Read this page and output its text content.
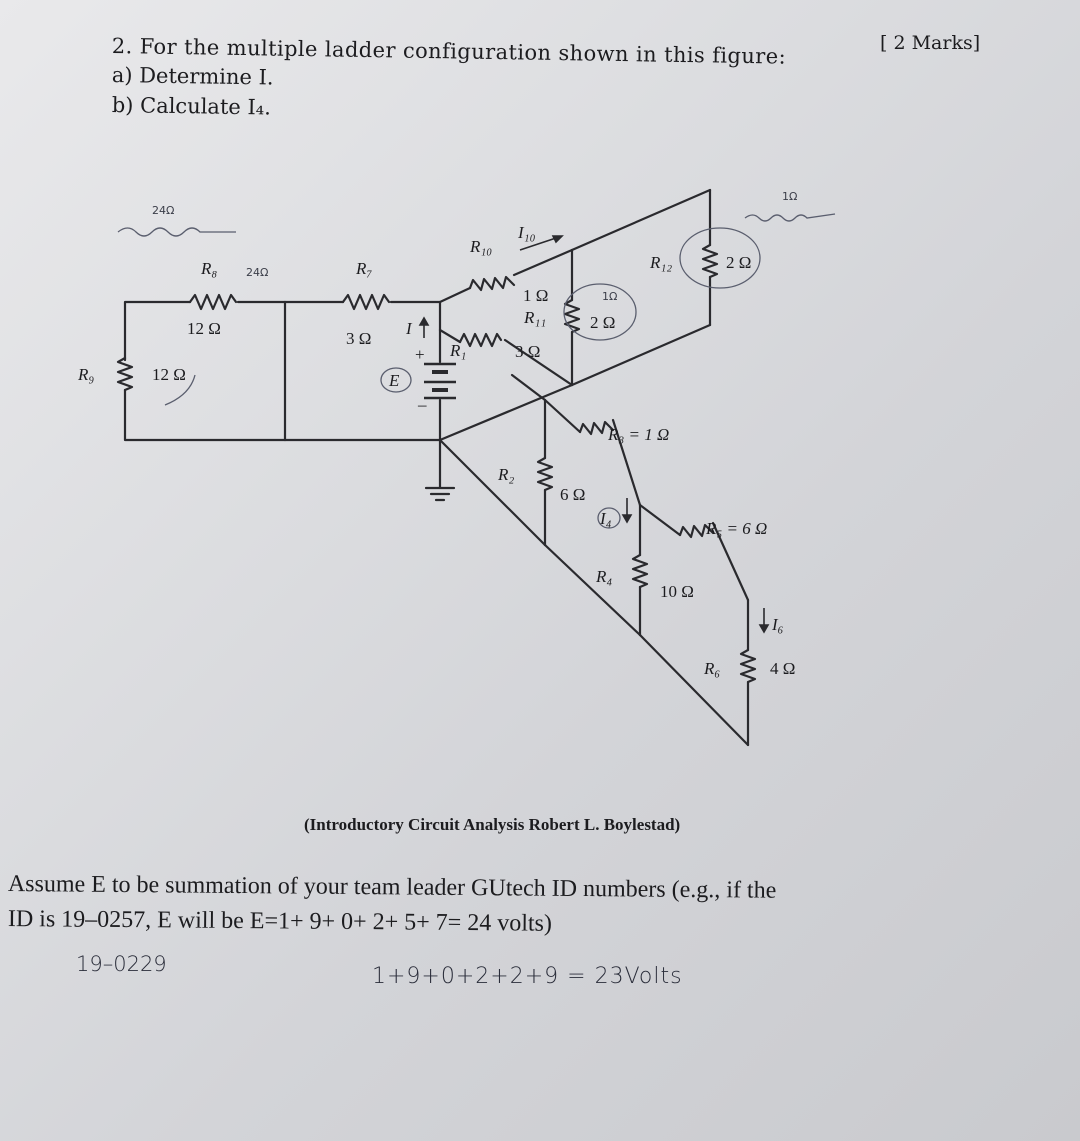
2. For the multiple ladder configuration shown in this figure:
a) Determine I.
b) Calculate I₄.
[ 2 Marks]
R₈
12 Ω
R₉	12 Ω
R₇
3 Ω
R₁₀
I₁₀
1 Ω
R₁₁	2 Ω
R₁	3 Ω
I
+
–
E
R₁₂	2 Ω
R₂
6 Ω
R₃ = 1 Ω
I₄
R₅ = 6 Ω
R₄
10 Ω
I₆
R₆	4 Ω
24Ω
24Ω
1Ω
1Ω
(Introductory Circuit Analysis Robert L. Boylestad)
Assume E to be summation of your team leader GUtech ID numbers (e.g., if the
ID is 19–0257, E will be E=1+ 9+ 0+ 2+ 5+ 7= 24 volts)
19–0229	1+9+0+2+2+9 = 23Volts
